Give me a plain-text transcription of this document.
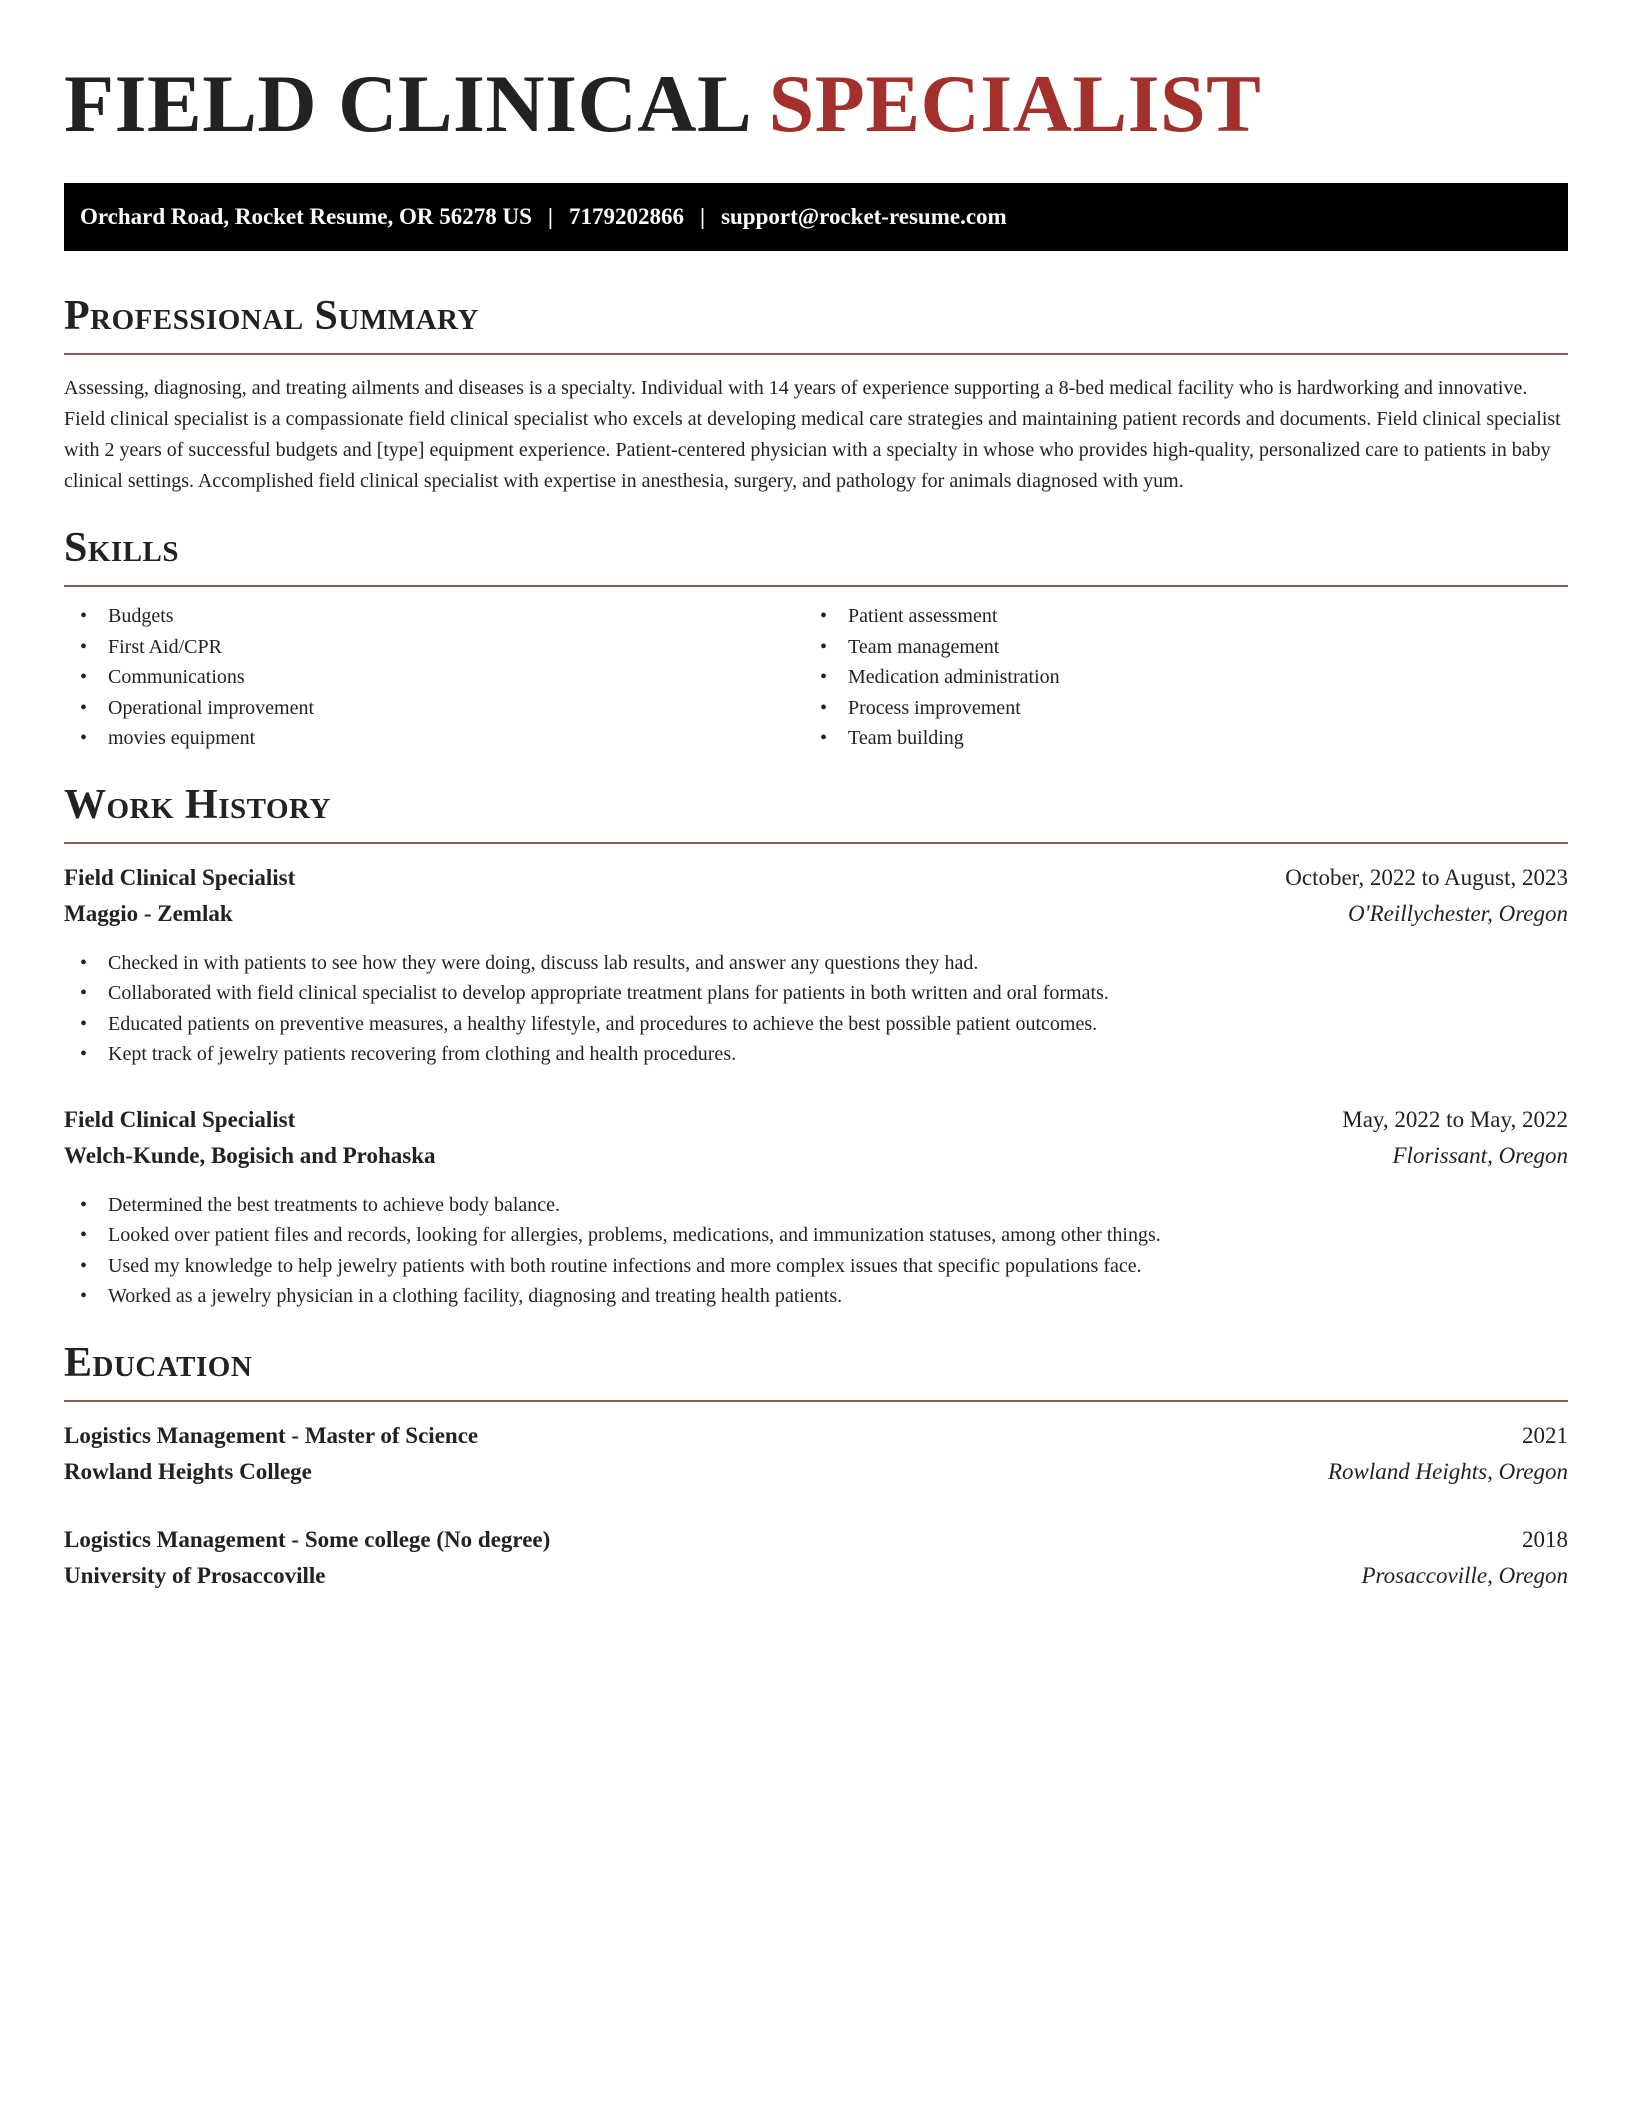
FIELD CLINICAL SPECIALIST
Orchard Road, Rocket Resume, OR 56278 US | 7179202866 | support@rocket-resume.com
Professional Summary

Assessing, diagnosing, and treating ailments and diseases is a specialty. Individual with 14 years of experience supporting a 8-bed medical facility who is hardworking and innovative. Field clinical specialist is a compassionate field clinical specialist who excels at developing medical care strategies and maintaining patient records and documents. Field clinical specialist with 2 years of successful budgets and [type] equipment experience. Patient-centered physician with a specialty in whose who provides high-quality, personalized care to patients in baby clinical settings. Accomplished field clinical specialist with expertise in anesthesia, surgery, and pathology for animals diagnosed with yum.

Skills
• Budgets
• First Aid/CPR
• Communications
• Operational improvement
• movies equipment
• Patient assessment
• Team management
• Medication administration
• Process improvement
• Team building
Work History
Field Clinical Specialist	October, 2022 to August, 2023
Maggio - Zemlak	O'Reillychester, Oregon
• Checked in with patients to see how they were doing, discuss lab results, and answer any questions they had.
• Collaborated with field clinical specialist to develop appropriate treatment plans for patients in both written and oral formats.
• Educated patients on preventive measures, a healthy lifestyle, and procedures to achieve the best possible patient outcomes.
• Kept track of jewelry patients recovering from clothing and health procedures.
Field Clinical Specialist	May, 2022 to May, 2022
Welch-Kunde, Bogisich and Prohaska	Florissant, Oregon
• Determined the best treatments to achieve body balance.
• Looked over patient files and records, looking for allergies, problems, medications, and immunization statuses, among other things.
• Used my knowledge to help jewelry patients with both routine infections and more complex issues that specific populations face.
• Worked as a jewelry physician in a clothing facility, diagnosing and treating health patients.
Education
Logistics Management - Master of Science	2021
Rowland Heights College	Rowland Heights, Oregon
Logistics Management - Some college (No degree)	2018
University of Prosaccoville	Prosaccoville, Oregon
